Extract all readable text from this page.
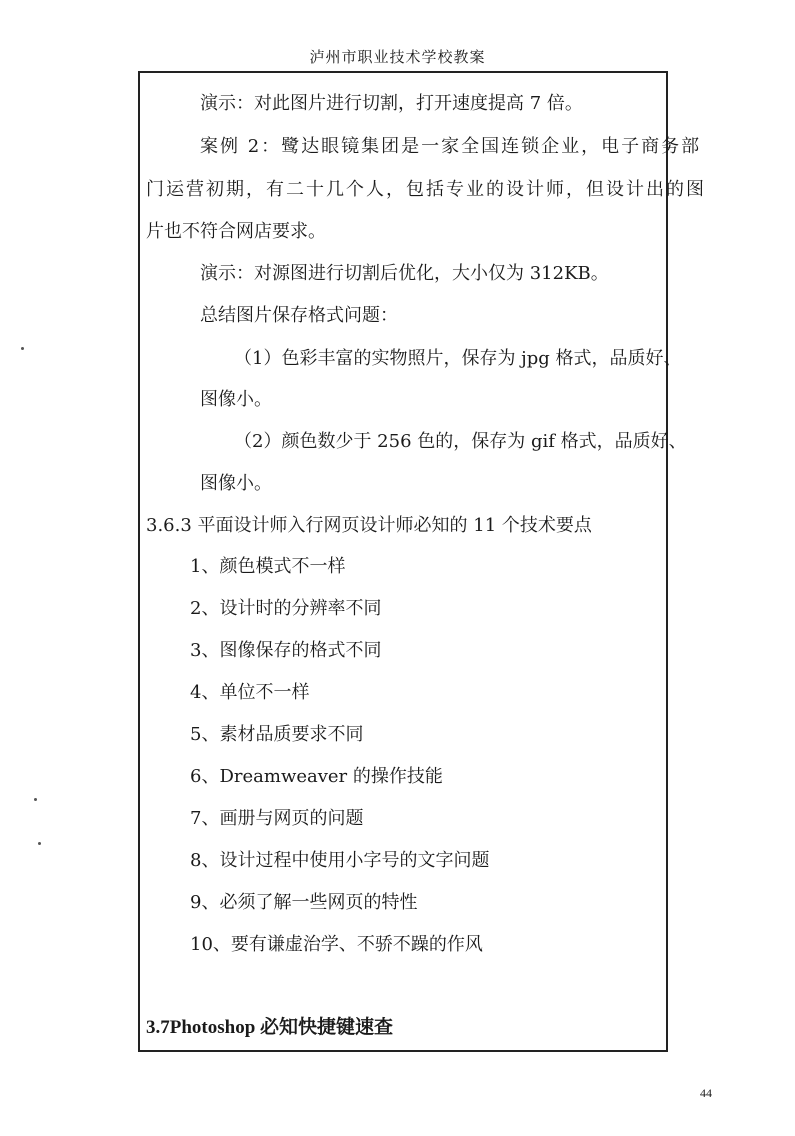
泸州市职业技术学校教案
演示：对此图片进行切割，打开速度提高 7 倍。
案例 2：鹭达眼镜集团是一家全国连锁企业，电子商务部
门运营初期，有二十几个人，包括专业的设计师，但设计出的图
片也不符合网店要求。
演示：对源图进行切割后优化，大小仅为 312KB。
总结图片保存格式问题：
（1）色彩丰富的实物照片，保存为 jpg 格式，品质好、
图像小。
（2）颜色数少于 256 色的，保存为 gif 格式，品质好、
图像小。
3.6.3 平面设计师入行网页设计师必知的 11 个技术要点
1、颜色模式不一样
2、设计时的分辨率不同
3、图像保存的格式不同
4、单位不一样
5、素材品质要求不同
6、Dreamweaver 的操作技能
7、画册与网页的问题
8、设计过程中使用小字号的文字问题
9、必须了解一些网页的特性
10、要有谦虚治学、不骄不躁的作风
3.7Photoshop 必知快捷键速查
44
